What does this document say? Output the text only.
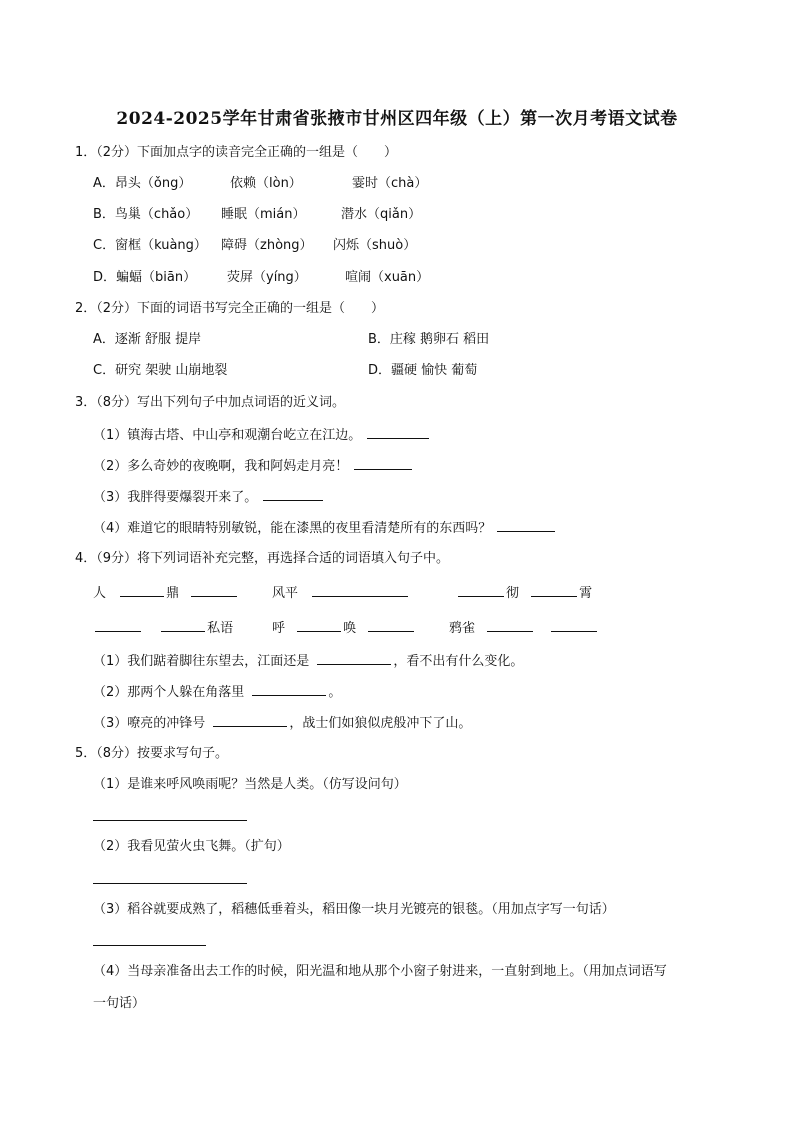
2024-2025学年甘肃省张掖市甘州区四年级（上）第一次月考语文试卷
1．（2分）下面加点字的读音完全正确的一组是（　　）
A．昂头（ǒng）	依赖（lòn）	霎时（chà）
B．鸟巢（chǎo） 睡眠（mián）	潜水（qiǎn）
C．窗框（kuàng） 障碍（zhòng） 闪烁（shuò）
D．蝙蝠（biān） 荧屏（yíng）	喧闹（xuān）
2．（2分）下面的词语书写完全正确的一组是（　　）
A．逐渐 舒服 提岸	B．庄稼 鹅卵石 稻田
C．研究 架驶 山崩地裂	D．疆硬 愉快 葡萄
3．（8分）写出下列句子中加点词语的近义词。
（1）镇海古塔、中山亭和观潮台屹立在江边。
（2）多么奇妙的夜晚啊，我和阿妈走月亮！
（3）我胖得要爆裂开来了。
（4）难道它的眼睛特别敏锐，能在漆黑的夜里看清楚所有的东西吗？
4．（9分）将下列词语补充完整，再选择合适的词语填入句子中。
人	鼎	风平	彻	霄
私语	呼	唤	鸦雀
（1）我们踮着脚往东望去，江面还是	，看不出有什么变化。
（2）那两个人躲在角落里	。
（3）嘹亮的冲锋号	，战士们如狼似虎般冲下了山。
5．（8分）按要求写句子。
（1）是谁来呼风唤雨呢？当然是人类。（仿写设问句）
（2）我看见萤火虫飞舞。（扩句）
（3）稻谷就要成熟了，稻穗低垂着头，稻田像一块月光镀亮的银毯。（用加点字写一句话）
（4）当母亲准备出去工作的时候，阳光温和地从那个小窗子射进来，一直射到地上。（用加点词语写
一句话）
